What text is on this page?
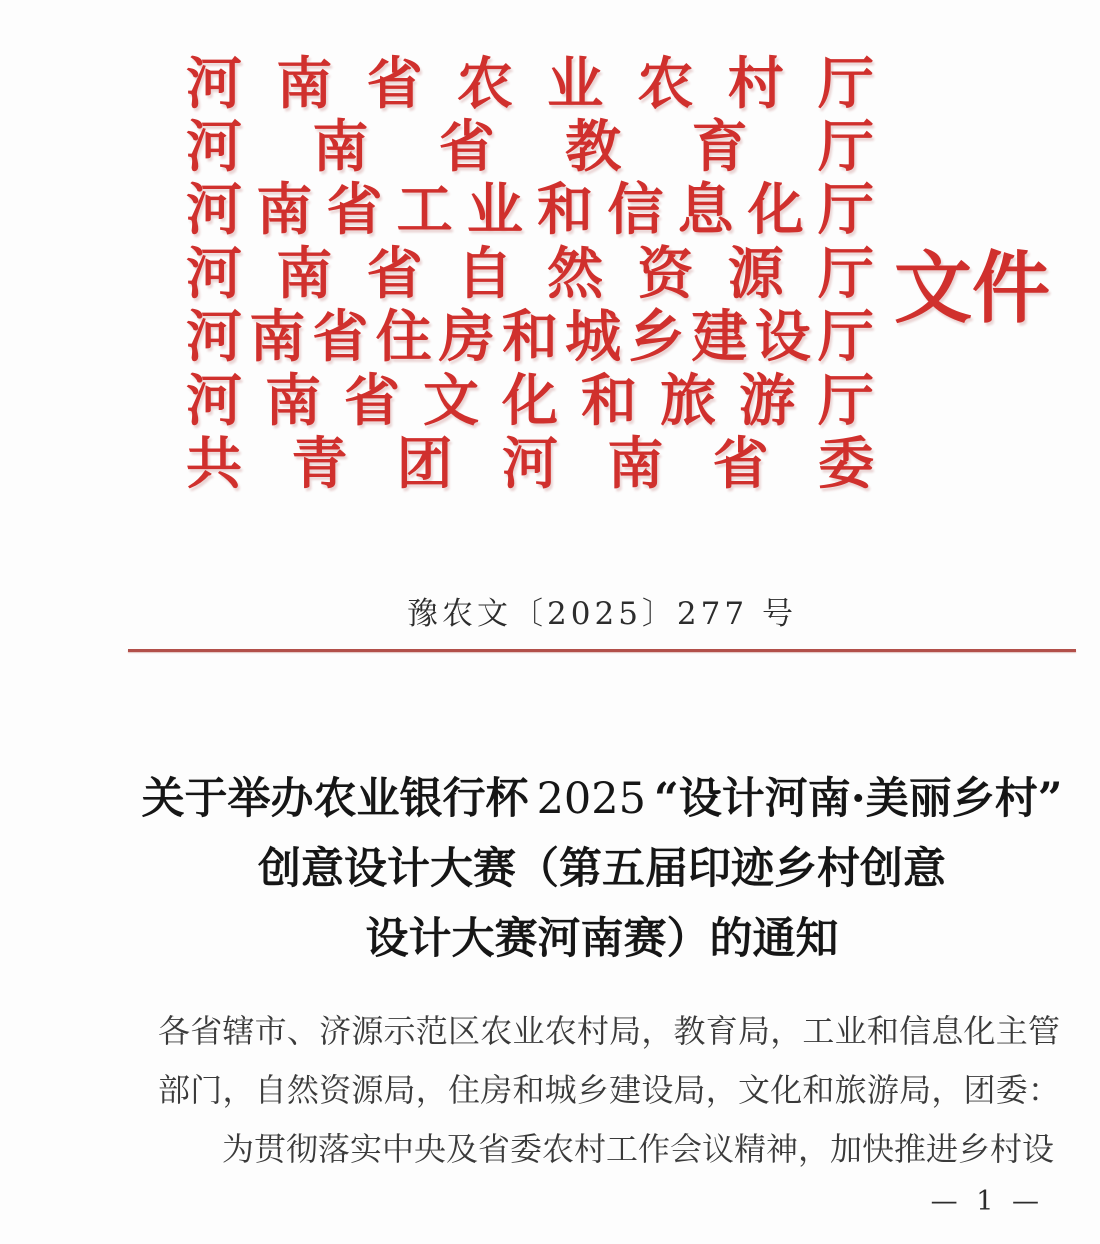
河 南 省 农 业 农 村 厅
河 南 省 教 育 厅
河 南 省 工 业 和 信 息 化 厅
河 南 省 自 然 资 源 厅
河 南 省 住 房 和 城 乡 建 设 厅
河 南 省 文 化 和 旅 游 厅
共 青 团 河 南 省 委
文件
豫农文〔2025〕277 号
关于举办农业银行杯 2025 “设计河南·美丽乡村”
创意设计大赛（第五届印迹乡村创意
设计大赛河南赛）的通知
各省辖市、济源示范区农业农村局，教育局，工业和信息化主管
部门，自然资源局，住房和城乡建设局，文化和旅游局，团委：
为贯彻落实中央及省委农村工作会议精神，加快推进乡村设
— 1 —
